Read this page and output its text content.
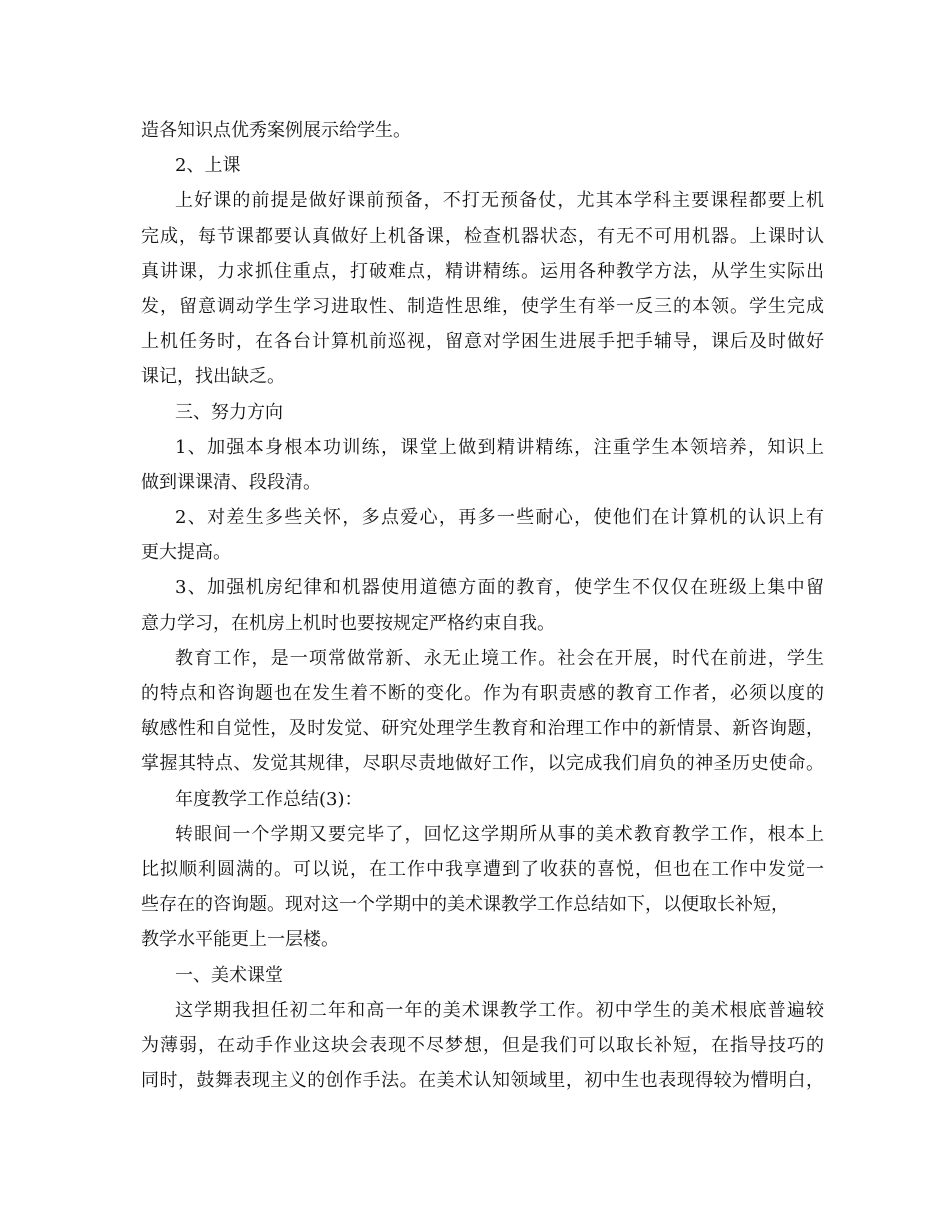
造各知识点优秀案例展示给学生。
2、上课
上好课的前提是做好课前预备，不打无预备仗，尤其本学科主要课程都要上机
完成，每节课都要认真做好上机备课，检查机器状态，有无不可用机器。上课时认
真讲课，力求抓住重点，打破难点，精讲精练。运用各种教学方法，从学生实际出
发，留意调动学生学习进取性、制造性思维，使学生有举一反三的本领。学生完成
上机任务时，在各台计算机前巡视，留意对学困生进展手把手辅导，课后及时做好
课记，找出缺乏。
三、努力方向
1、加强本身根本功训练，课堂上做到精讲精练，注重学生本领培养，知识上
做到课课清、段段清。
2、对差生多些关怀，多点爱心，再多一些耐心，使他们在计算机的认识上有
更大提高。
3、加强机房纪律和机器使用道德方面的教育，使学生不仅仅在班级上集中留
意力学习，在机房上机时也要按规定严格约束自我。
教育工作，是一项常做常新、永无止境工作。社会在开展，时代在前进，学生
的特点和咨询题也在发生着不断的变化。作为有职责感的教育工作者，必须以度的
敏感性和自觉性，及时发觉、研究处理学生教育和治理工作中的新情景、新咨询题，
掌握其特点、发觉其规律，尽职尽责地做好工作，以完成我们肩负的神圣历史使命。
年度教学工作总结(3)：
转眼间一个学期又要完毕了，回忆这学期所从事的美术教育教学工作，根本上
比拟顺利圆满的。可以说，在工作中我享遭到了收获的喜悦，但也在工作中发觉一
些存在的咨询题。现对这一个学期中的美术课教学工作总结如下，以便取长补短，
教学水平能更上一层楼。
一、美术课堂
这学期我担任初二年和高一年的美术课教学工作。初中学生的美术根底普遍较
为薄弱，在动手作业这块会表现不尽梦想，但是我们可以取长补短，在指导技巧的
同时，鼓舞表现主义的创作手法。在美术认知领域里，初中生也表现得较为懵明白，
